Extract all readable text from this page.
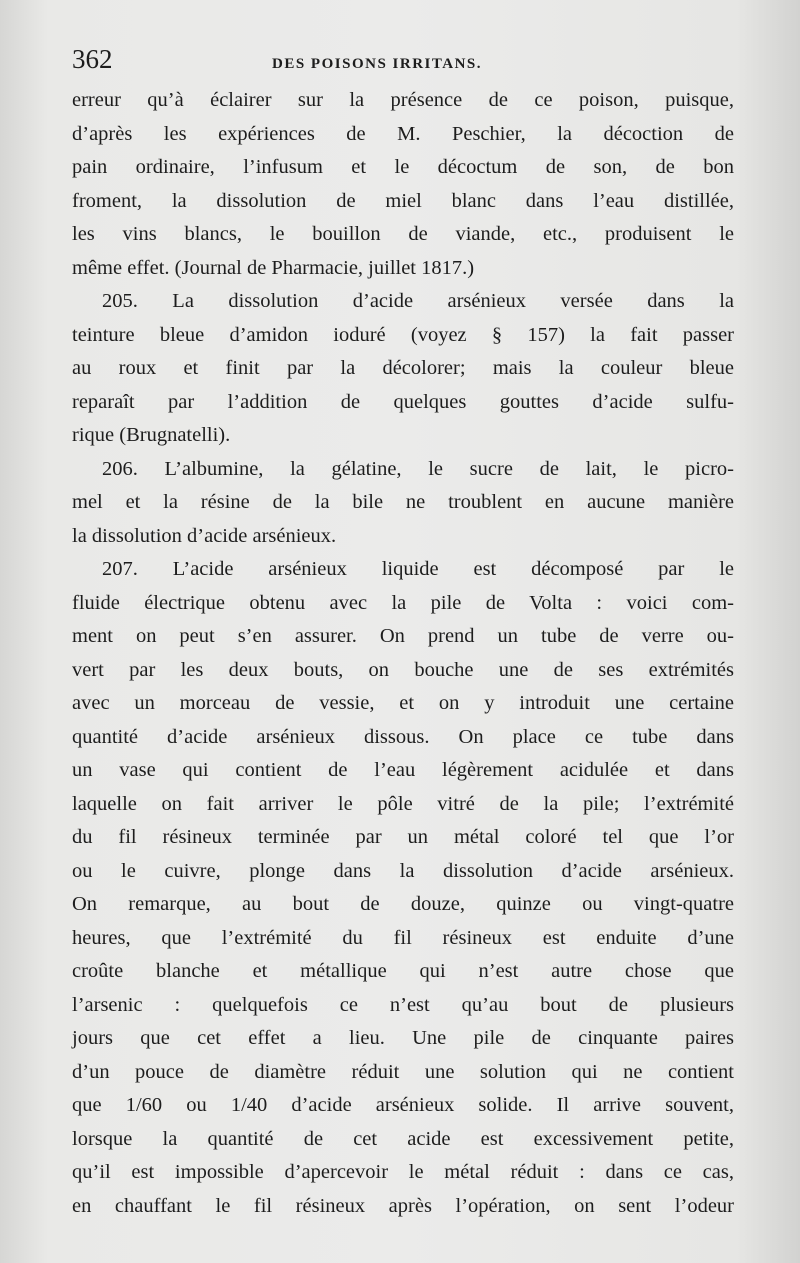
362	DES POISONS IRRITANS.
erreur qu’à éclairer sur la présence de ce poison, puisque,
d’après les expériences de M. Peschier, la décoction de
pain ordinaire, l’infusum et le décoctum de son, de bon
froment, la dissolution de miel blanc dans l’eau distillée,
les vins blancs, le bouillon de viande, etc., produisent le
même effet. (Journal de Pharmacie, juillet 1817.)
205. La dissolution d’acide arsénieux versée dans la
teinture bleue d’amidon ioduré (voyez § 157) la fait passer
au roux et finit par la décolorer; mais la couleur bleue
reparaît par l’addition de quelques gouttes d’acide sulfu-
rique (Brugnatelli).
206. L’albumine, la gélatine, le sucre de lait, le picro-
mel et la résine de la bile ne troublent en aucune manière
la dissolution d’acide arsénieux.
207. L’acide arsénieux liquide est décomposé par le
fluide électrique obtenu avec la pile de Volta : voici com-
ment on peut s’en assurer. On prend un tube de verre ou-
vert par les deux bouts, on bouche une de ses extrémités
avec un morceau de vessie, et on y introduit une certaine
quantité d’acide arsénieux dissous. On place ce tube dans
un vase qui contient de l’eau légèrement acidulée et dans
laquelle on fait arriver le pôle vitré de la pile; l’extrémité
du fil résineux terminée par un métal coloré tel que l’or
ou le cuivre, plonge dans la dissolution d’acide arsénieux.
On remarque, au bout de douze, quinze ou vingt-quatre
heures, que l’extrémité du fil résineux est enduite d’une
croûte blanche et métallique qui n’est autre chose que
l’arsenic : quelquefois ce n’est qu’au bout de plusieurs
jours que cet effet a lieu. Une pile de cinquante paires
d’un pouce de diamètre réduit une solution qui ne contient
que 1/60 ou 1/40 d’acide arsénieux solide. Il arrive souvent,
lorsque la quantité de cet acide est excessivement petite,
qu’il est impossible d’apercevoir le métal réduit : dans ce cas,
en chauffant le fil résineux après l’opération, on sent l’odeur
